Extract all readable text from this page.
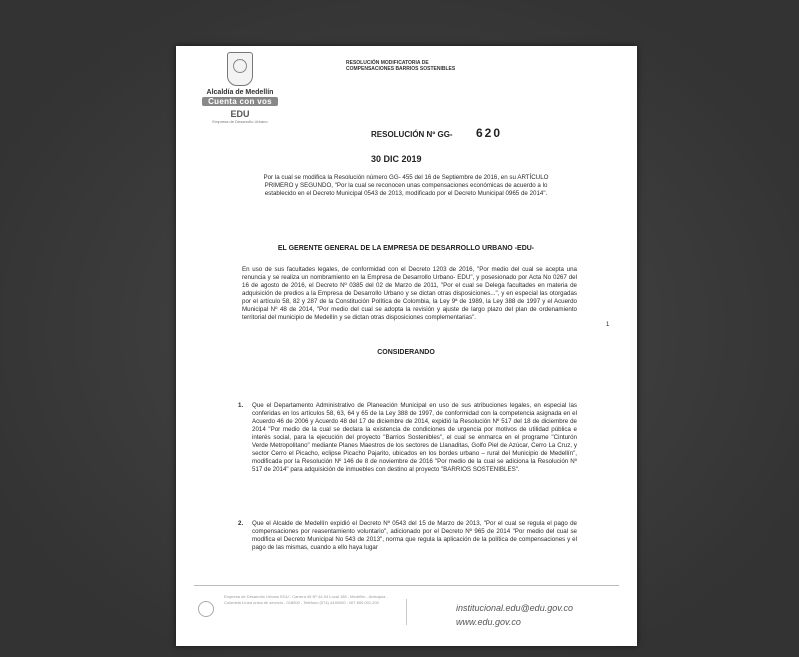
Alcaldía de Medellín
Cuenta con vos
EDU
Empresa de Desarrollo Urbano
RESOLUCIÓN MODIFICATORIA DE COMPENSACIONES BARRIOS SOSTENIBLES
RESOLUCIÓN Nº GG- 620
30 DIC 2019
Por la cual se modifica la Resolución número GG- 455 del 16 de Septiembre de 2016, en su ARTÍCULO PRIMERO y SEGUNDO, "Por la cual se reconocen unas compensaciones económicas de acuerdo a lo establecido en el Decreto Municipal 0543 de 2013, modificado por el Decreto Municipal 0965 de 2014".
EL GERENTE GENERAL DE LA EMPRESA DE DESARROLLO URBANO -EDU-
En uso de sus facultades legales, de conformidad con el Decreto 1203 de 2016, "Por medio del cual se acepta una renuncia y se realiza un nombramiento en la Empresa de Desarrollo Urbano- EDU", y posesionado por Acta No 0267 del 16 de agosto de 2016, el Decreto Nº 0385 del 02 de Marzo de 2011, "Por el cual se Delega facultades en materia de adquisición de predios a la Empresa de Desarrollo Urbano y se dictan otras disposiciones...", y en especial las otorgadas por el artículo 58, 82 y 287 de la Constitución Política de Colombia, la Ley 9ª de 1989, la Ley 388 de 1997 y el Acuerdo Municipal Nº 48 de 2014, "Por medio del cual se adopta la revisión y ajuste de largo plazo del plan de ordenamiento territorial del municipio de Medellín y se dictan otras disposiciones complementarias".
CONSIDERANDO
1
1. Que el Departamento Administrativo de Planeación Municipal en uso de sus atribuciones legales, en especial las conferidas en los artículos 58, 63, 64 y 65 de la Ley 388 de 1997, de conformidad con la competencia asignada en el Acuerdo 46 de 2006 y Acuerdo 48 del 17 de diciembre de 2014, expidió la Resolución Nº 517 del 18 de diciembre de 2014 "Por medio de la cual se declara la existencia de condiciones de urgencia por motivos de utilidad pública e interés social, para la ejecución del proyecto "Barrios Sostenibles", el cual se enmarca en el programe "Cinturón Verde Metropolitano" mediante Planes Maestros de los sectores de Llanaditas, Golfo Piel de Azúcar, Cerro La Cruz, y sector Cerro el Picacho, eclipse Picacho Pajarito, ubicados en los bordes urbano – rural del Municipio de Medellín", modificada por la Resolución Nº 146 de 8 de noviembre de 2016 "Por medio de la cual se adiciona la Resolución Nº 517 de 2014" para adquisición de inmuebles con destino al proyecto "BARRIOS SOSTENIBLES".
2. Que el Alcalde de Medellín expidió el Decreto Nº 0543 del 15 de Marzo de 2013, "Por el cual se regula el pago de compensaciones por reasentamiento voluntario", adicionado por el Decreto Nº 965 de 2014 "Por medio del cual se modifica el Decreto Municipal No 543 de 2013", norma que regula la aplicación de la política de compensaciones y el pago de las mismas, cuando a ello haya lugar
Empresa de Desarrollo Urbano EDU - Carrera 49 Nº 44-94 Local 158 - Medellín - Antioquia - Colombia Línea única de servicio - 018000 - Teléfono (574) 4440000 - NIT 800.001.200
institucional.edu@edu.gov.co
www.edu.gov.co
